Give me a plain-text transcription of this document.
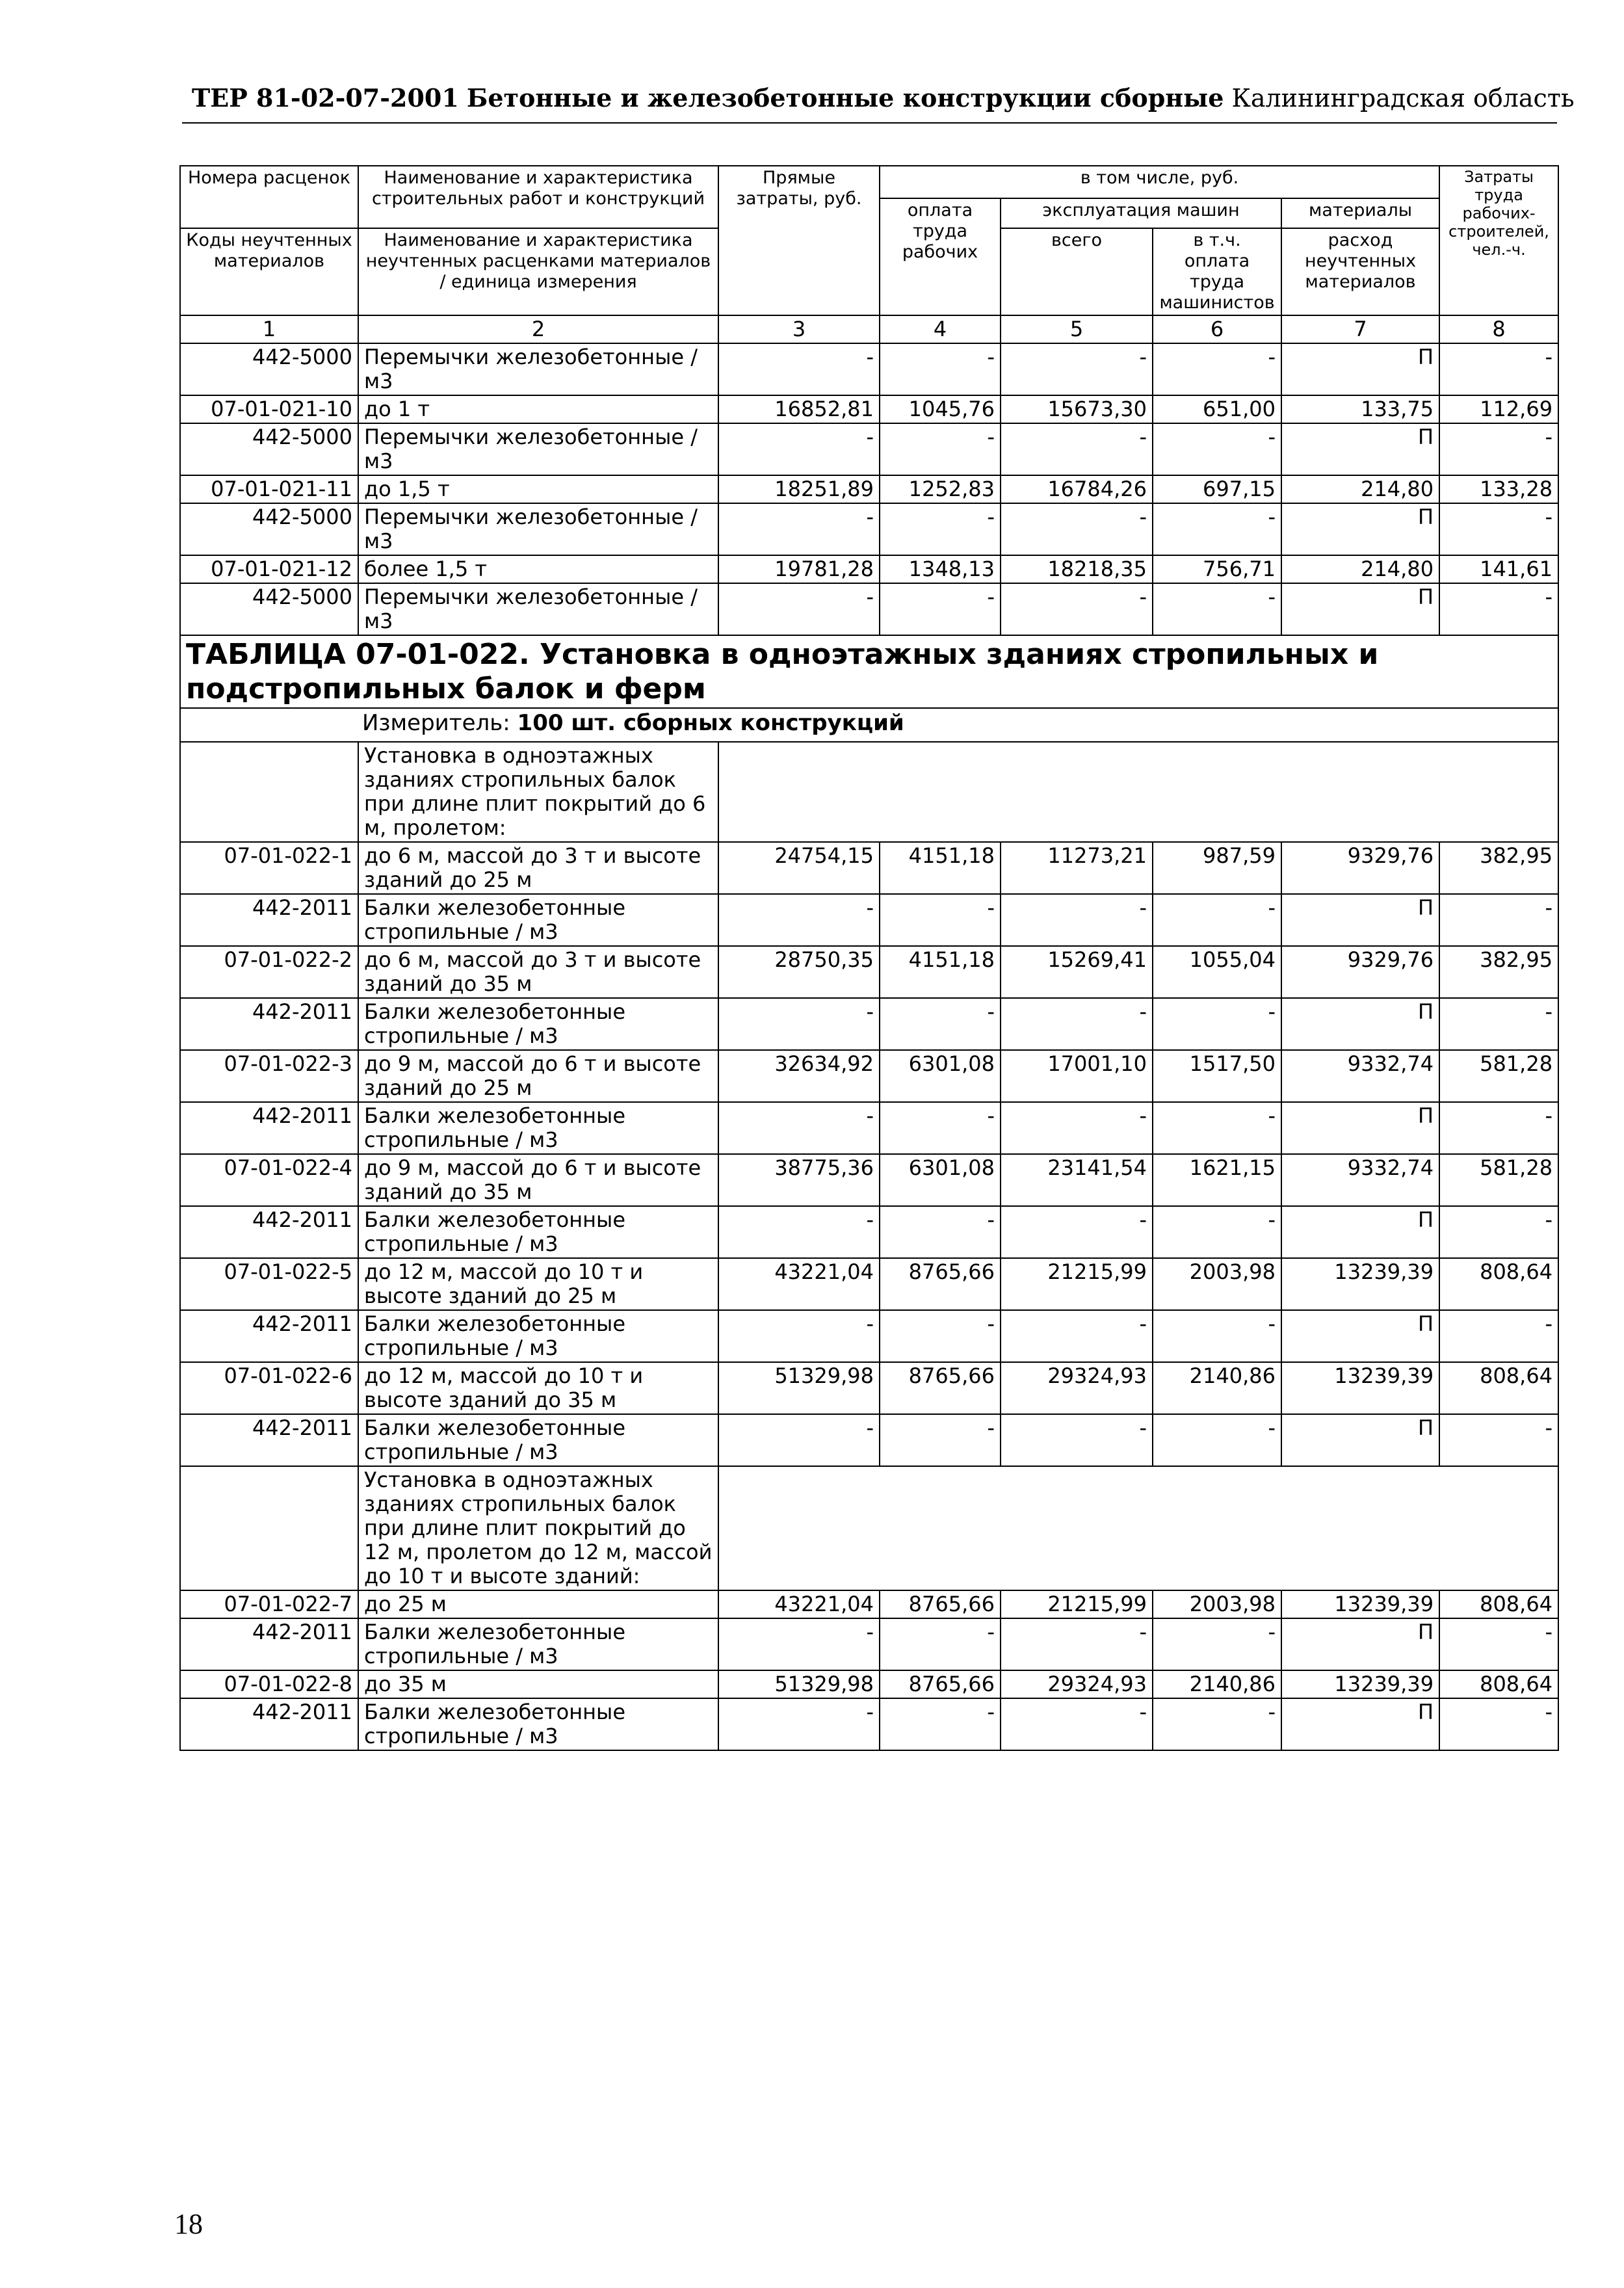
ТЕР 81-02-07-2001 Бетонные и железобетонные конструкции сборные Калининградская область
Номера расценок	Наименование и характеристика строительных работ и конструкций	Прямые затраты, руб.	в том числе, руб.				Затраты труда рабочих-строителей, чел.-ч.
			оплата труда рабочих	эксплуатация машин		материалы	
Коды неучтенных материалов	Наименование и характеристика неучтенных расценками материалов / единица измерения			всего	в т.ч. оплата труда машинистов	расход неучтенных материалов	

1	2	3	4	5	6	7	8
442-5000	Перемычки железобетонные / м3	-	-	-	-	П	-
07-01-021-10	до 1 т	16852,81	1045,76	15673,30	651,00	133,75	112,69
442-5000	Перемычки железобетонные / м3	-	-	-	-	П	-
07-01-021-11	до 1,5 т	18251,89	1252,83	16784,26	697,15	214,80	133,28
442-5000	Перемычки железобетонные / м3	-	-	-	-	П	-
07-01-021-12	более 1,5 т	19781,28	1348,13	18218,35	756,71	214,80	141,61
442-5000	Перемычки железобетонные / м3	-	-	-	-	П	-

ТАБЛИЦА 07-01-022. Установка в одноэтажных зданиях стропильных и подстропильных балок и ферм							

Измеритель: 100 шт. сборных конструкций							

	Установка в одноэтажных зданиях стропильных балок при длине плит покрытий до 6 м, пролетом:						
07-01-022-1	до 6 м, массой до 3 т и высоте зданий до 25 м	24754,15	4151,18	11273,21	987,59	9329,76	382,95
442-2011	Балки железобетонные стропильные / м3	-	-	-	-	П	-
07-01-022-2	до 6 м, массой до 3 т и высоте зданий до 35 м	28750,35	4151,18	15269,41	1055,04	9329,76	382,95
442-2011	Балки железобетонные стропильные / м3	-	-	-	-	П	-
07-01-022-3	до 9 м, массой до 6 т и высоте зданий до 25 м	32634,92	6301,08	17001,10	1517,50	9332,74	581,28
442-2011	Балки железобетонные стропильные / м3	-	-	-	-	П	-
07-01-022-4	до 9 м, массой до 6 т и высоте зданий до 35 м	38775,36	6301,08	23141,54	1621,15	9332,74	581,28
442-2011	Балки железобетонные стропильные / м3	-	-	-	-	П	-
07-01-022-5	до 12 м, массой до 10 т и высоте зданий до 25 м	43221,04	8765,66	21215,99	2003,98	13239,39	808,64
442-2011	Балки железобетонные стропильные / м3	-	-	-	-	П	-
07-01-022-6	до 12 м, массой до 10 т и высоте зданий до 35 м	51329,98	8765,66	29324,93	2140,86	13239,39	808,64
442-2011	Балки железобетонные стропильные / м3	-	-	-	-	П	-
	Установка в одноэтажных зданиях стропильных балок при длине плит покрытий до 12 м, пролетом до 12 м, массой до 10 т и высоте зданий:						
07-01-022-7	до 25 м	43221,04	8765,66	21215,99	2003,98	13239,39	808,64
442-2011	Балки железобетонные стропильные / м3	-	-	-	-	П	-
07-01-022-8	до 35 м	51329,98	8765,66	29324,93	2140,86	13239,39	808,64
442-2011	Балки железобетонные стропильные / м3	-	-	-	-	П	-
18
